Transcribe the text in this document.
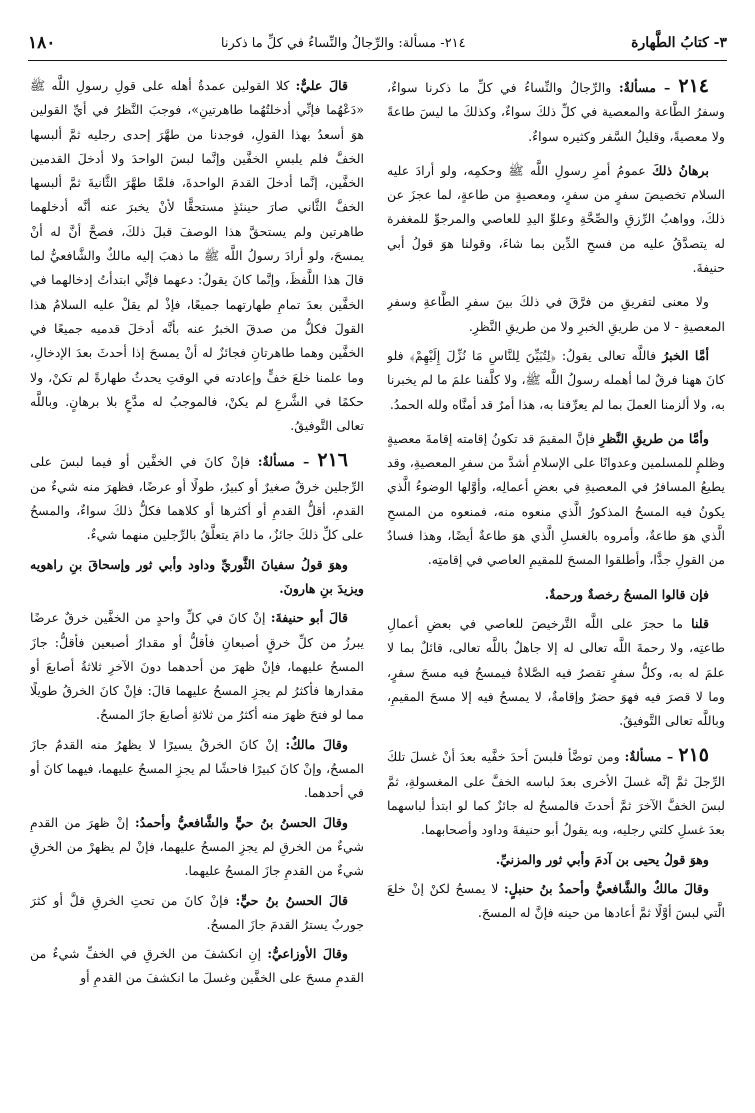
٣- كتابُ الطَّهارة
٢١٤- مسألة: والرِّجالُ والنِّساءُ في كلِّ ما ذكرنا
١٨٠

٢١٤ – مسألةٌ: والرِّجالُ والنِّساءُ في كلِّ ما ذكرنا سواءٌ، وسفرُ الطَّاعة والمعصية في كلِّ ذلكَ سواءٌ، وكذلكَ ما ليسَ طاعةً ولا معصيةً، وقليلُ السَّفر وكثيره سواءٌ.

برهانُ ذلكَ عمومُ أمرِ رسولِ اللَّه ﷺ وحكمِه، ولو أرادَ عليه السلام تخصيصَ سفرٍ من سفرٍ، ومعصيةٍ من طاعةٍ، لما عجزَ عن ذلكَ، وواهبُ الرِّزقِ والصِّحَّةِ وعلوِّ اليدِ للعاصي والمرجوِّ للمغفرة له يتصدَّقُ عليه من فسحِ الدِّين بما شاءَ، وقولنا هوَ قولُ أبي حنيفةَ.

ولا معنى لتفريقِ من فرَّقَ في ذلكَ بينَ سفرِ الطَّاعةِ وسفرِ المعصيةِ - لا من طريقِ الخبرِ ولا من طريقِ النَّظرِ.

أمَّا الخبرُ فاللَّه تعالى يقولُ: ﴿لِتُبَيِّنَ لِلنَّاسِ مَا نُزِّلَ إِلَيْهِمْ﴾ فلو كانَ ههنا فرقٌ لما أهمله رسولُ اللَّه ﷺ، ولا كلَّفنا علمَ ما لم يخبرنا به، ولا ألزمنا العملَ بما لم يعرِّفنا به، هذا أمرٌ قد أمنَّاه ولله الحمدُ.

وأمَّا من طريقِ النَّظرِ فإنَّ المقيمَ قد تكونُ إقامته إقامةَ معصيةٍ وظلمٍ للمسلمين وعدوانًا على الإسلامِ أشدَّ من سفرِ المعصيةِ، وقد يطيعُ المسافرُ في المعصيةِ في بعضِ أعمالِه، وأوَّلها الوضوءُ الَّذي يكونُ فيه المسحُ المذكورُ الَّذي منعوه منه، فمنعوه من المسحِ الَّذي هوَ طاعةٌ، وأمروه بالغسلِ الَّذي هوَ طاعةٌ أيضًا، وهذا فسادٌ من القولِ جدًّا، وأطلقوا المسحَ للمقيمِ العاصي في إقامتِه.

فإن قالوا المسحُ رخصةٌ ورحمةٌ.

قلنا ما حجرَ على اللَّه التَّرخيصَ للعاصي في بعضِ أعمالِ طاعتِه، ولا رحمةَ اللَّه تعالى له إلا جاهلٌ باللَّه تعالى، قائلٌ بما لا علمَ له به، وكلُّ سفرٍ تقصرُ فيه الصَّلاةُ فيمسحُ فيه مسحَ سفرٍ، وما لا قصرَ فيه فهوَ حضرٌ وإقامةٌ، لا يمسحُ فيه إلا مسحَ المقيمِ، وباللَّه تعالى التَّوفيقُ.

٢١٥ – مسألةٌ: ومن توضَّأ فلبسَ أحدَ خفَّيه بعدَ أنْ غسلَ تلكَ الرِّجلَ ثمَّ إنَّه غسلَ الأخرى بعدَ لباسه الخفَّ على المغسولةِ، ثمَّ لبسَ الخفَّ الآخرَ ثمَّ أحدثَ فالمسحُ له جائزٌ كما لو ابتدأ لباسهما بعدَ غسلِ كلتي رجليه، وبه يقولُ أبو حنيفةَ وداود وأصحابهما.

وهوَ قولُ يحيى بن آدمَ وأبي ثور والمزنيِّ.

وقالَ مالكٌ والشَّافعيُّ وأحمدُ بنُ حنبلٍ: لا يمسحُ لكنْ إنْ خلعَ الَّتي لبسَ أوَّلًا ثمَّ أعادها من حينه فإنَّ له المسحَ.

قالَ عليٌّ: كلا القولين عمدةُ أهله على قولِ رسولِ اللَّه ﷺ «دَعْهُما فإنِّي أدخلتُهُما طاهرتينِ»، فوجبَ النَّظرُ في أيِّ القولين هوَ أسعدُ بهذا القولِ، فوجدنا من طهَّرَ إحدى رجليه ثمَّ ألبسها الخفَّ فلم يلبسِ الخفَّين وإنَّما لبسَ الواحدَ ولا أدخلَ القدمين الخفَّين، إنَّما أدخلَ القدمَ الواحدةَ، فلمَّا طهَّرَ الثَّانيةَ ثمَّ ألبسها الخفَّ الثَّاني صارَ حينئذٍ مستحقًّا لأنْ يخبرَ عنه أنَّه أدخلهما طاهرتين ولم يستحقَّ هذا الوصفَ قبلَ ذلكَ، فصحَّ أنَّ له أنْ يمسحَ، ولو أرادَ رسولُ اللَّه ﷺ ما ذهبَ إليه مالكٌ والشَّافعيُّ لما قالَ هذا اللَّفظَ، وإنَّما كانَ يقولُ: دعهما فإنِّي ابتدأتُ إدخالهما في الخفَّين بعدَ تمامِ طهارتهما جميعًا، فإذْ لم يقلْ عليه السلامُ هذا القولَ فكلُّ من صدقَ الخبرُ عنه بأنَّه أدخلَ قدميه جميعًا في الخفَّين وهما طاهرتانِ فجائزٌ له أنْ يمسحَ إذا أحدثَ بعدَ الإدخالِ، وما علمنا خلعَ خفٍّ وإعادته في الوقتِ يحدثُ طهارةً لم تكنْ، ولا حكمًا في الشَّرعِ لم يكنْ، فالموجبُ له مدَّعٍ بلا برهانٍ. وباللَّه تعالى التَّوفيقُ.

٢١٦ – مسألةٌ: فإنْ كانَ في الخفَّين أو فيما لبسَ على الرِّجلين خرقٌ صغيرٌ أو كبيرٌ، طولًا أو عرضًا، فظهرَ منه شيءٌ من القدمِ، أقلُّ القدمِ أو أكثرها أو كلاهما فكلُّ ذلكَ سواءٌ، والمسحُ على كلِّ ذلكَ جائزٌ، ما دامَ يتعلَّقُ بالرِّجلين منهما شيءٌ.

وهوَ قولُ سفيانَ الثَّوريِّ وداود وأبي ثور وإسحاقَ بنِ راهويه ويزيدَ بنِ هارونَ.

قالَ أبو حنيفةَ: إنْ كانَ في كلِّ واحدٍ من الخفَّين خرقٌ عرضًا يبرزُ من كلِّ خرقٍ أصبعانِ فأقلُّ أو مقدارُ أصبعين فأقلُّ: جازَ المسحُ عليهما، فإنْ ظهرَ من أحدهما دونَ الآخرِ ثلاثةُ أصابعَ أو مقدارها فأكثرُ لم يجزِ المسحُ عليهما قالَ: فإنْ كانَ الخرقُ طويلًا مما لو فتحَ ظهرَ منه أكثرُ من ثلاثةِ أصابعَ جازَ المسحُ.

وقالَ مالكٌ: إنْ كانَ الخرقُ يسيرًا لا يظهرُ منه القدمُ جازَ المسحُ، وإنْ كانَ كبيرًا فاحشًا لم يجزِ المسحُ عليهما، فيهما كانَ أو في أحدهما.

وقالَ الحسنُ بنُ حيٍّ والشَّافعيُّ وأحمدُ: إنْ ظهرَ من القدمِ شيءٌ من الخرقِ لم يجزِ المسحُ عليهما، فإنْ لم يظهرْ من الخرقِ شيءٌ من القدمِ جازَ المسحُ عليهما.

قالَ الحسنُ بنُ حيٍّ: فإنْ كانَ من تحتِ الخرقِ قلَّ أو كثرَ جوربٌ يسترُ القدمَ جازَ المسحُ.

وقالَ الأوزاعيُّ: إنِ انكشفَ من الخرقِ في الخفِّ شيءٌ من القدمِ مسحَ على الخفَّين وغسلَ ما انكشفَ من القدمِ أو
